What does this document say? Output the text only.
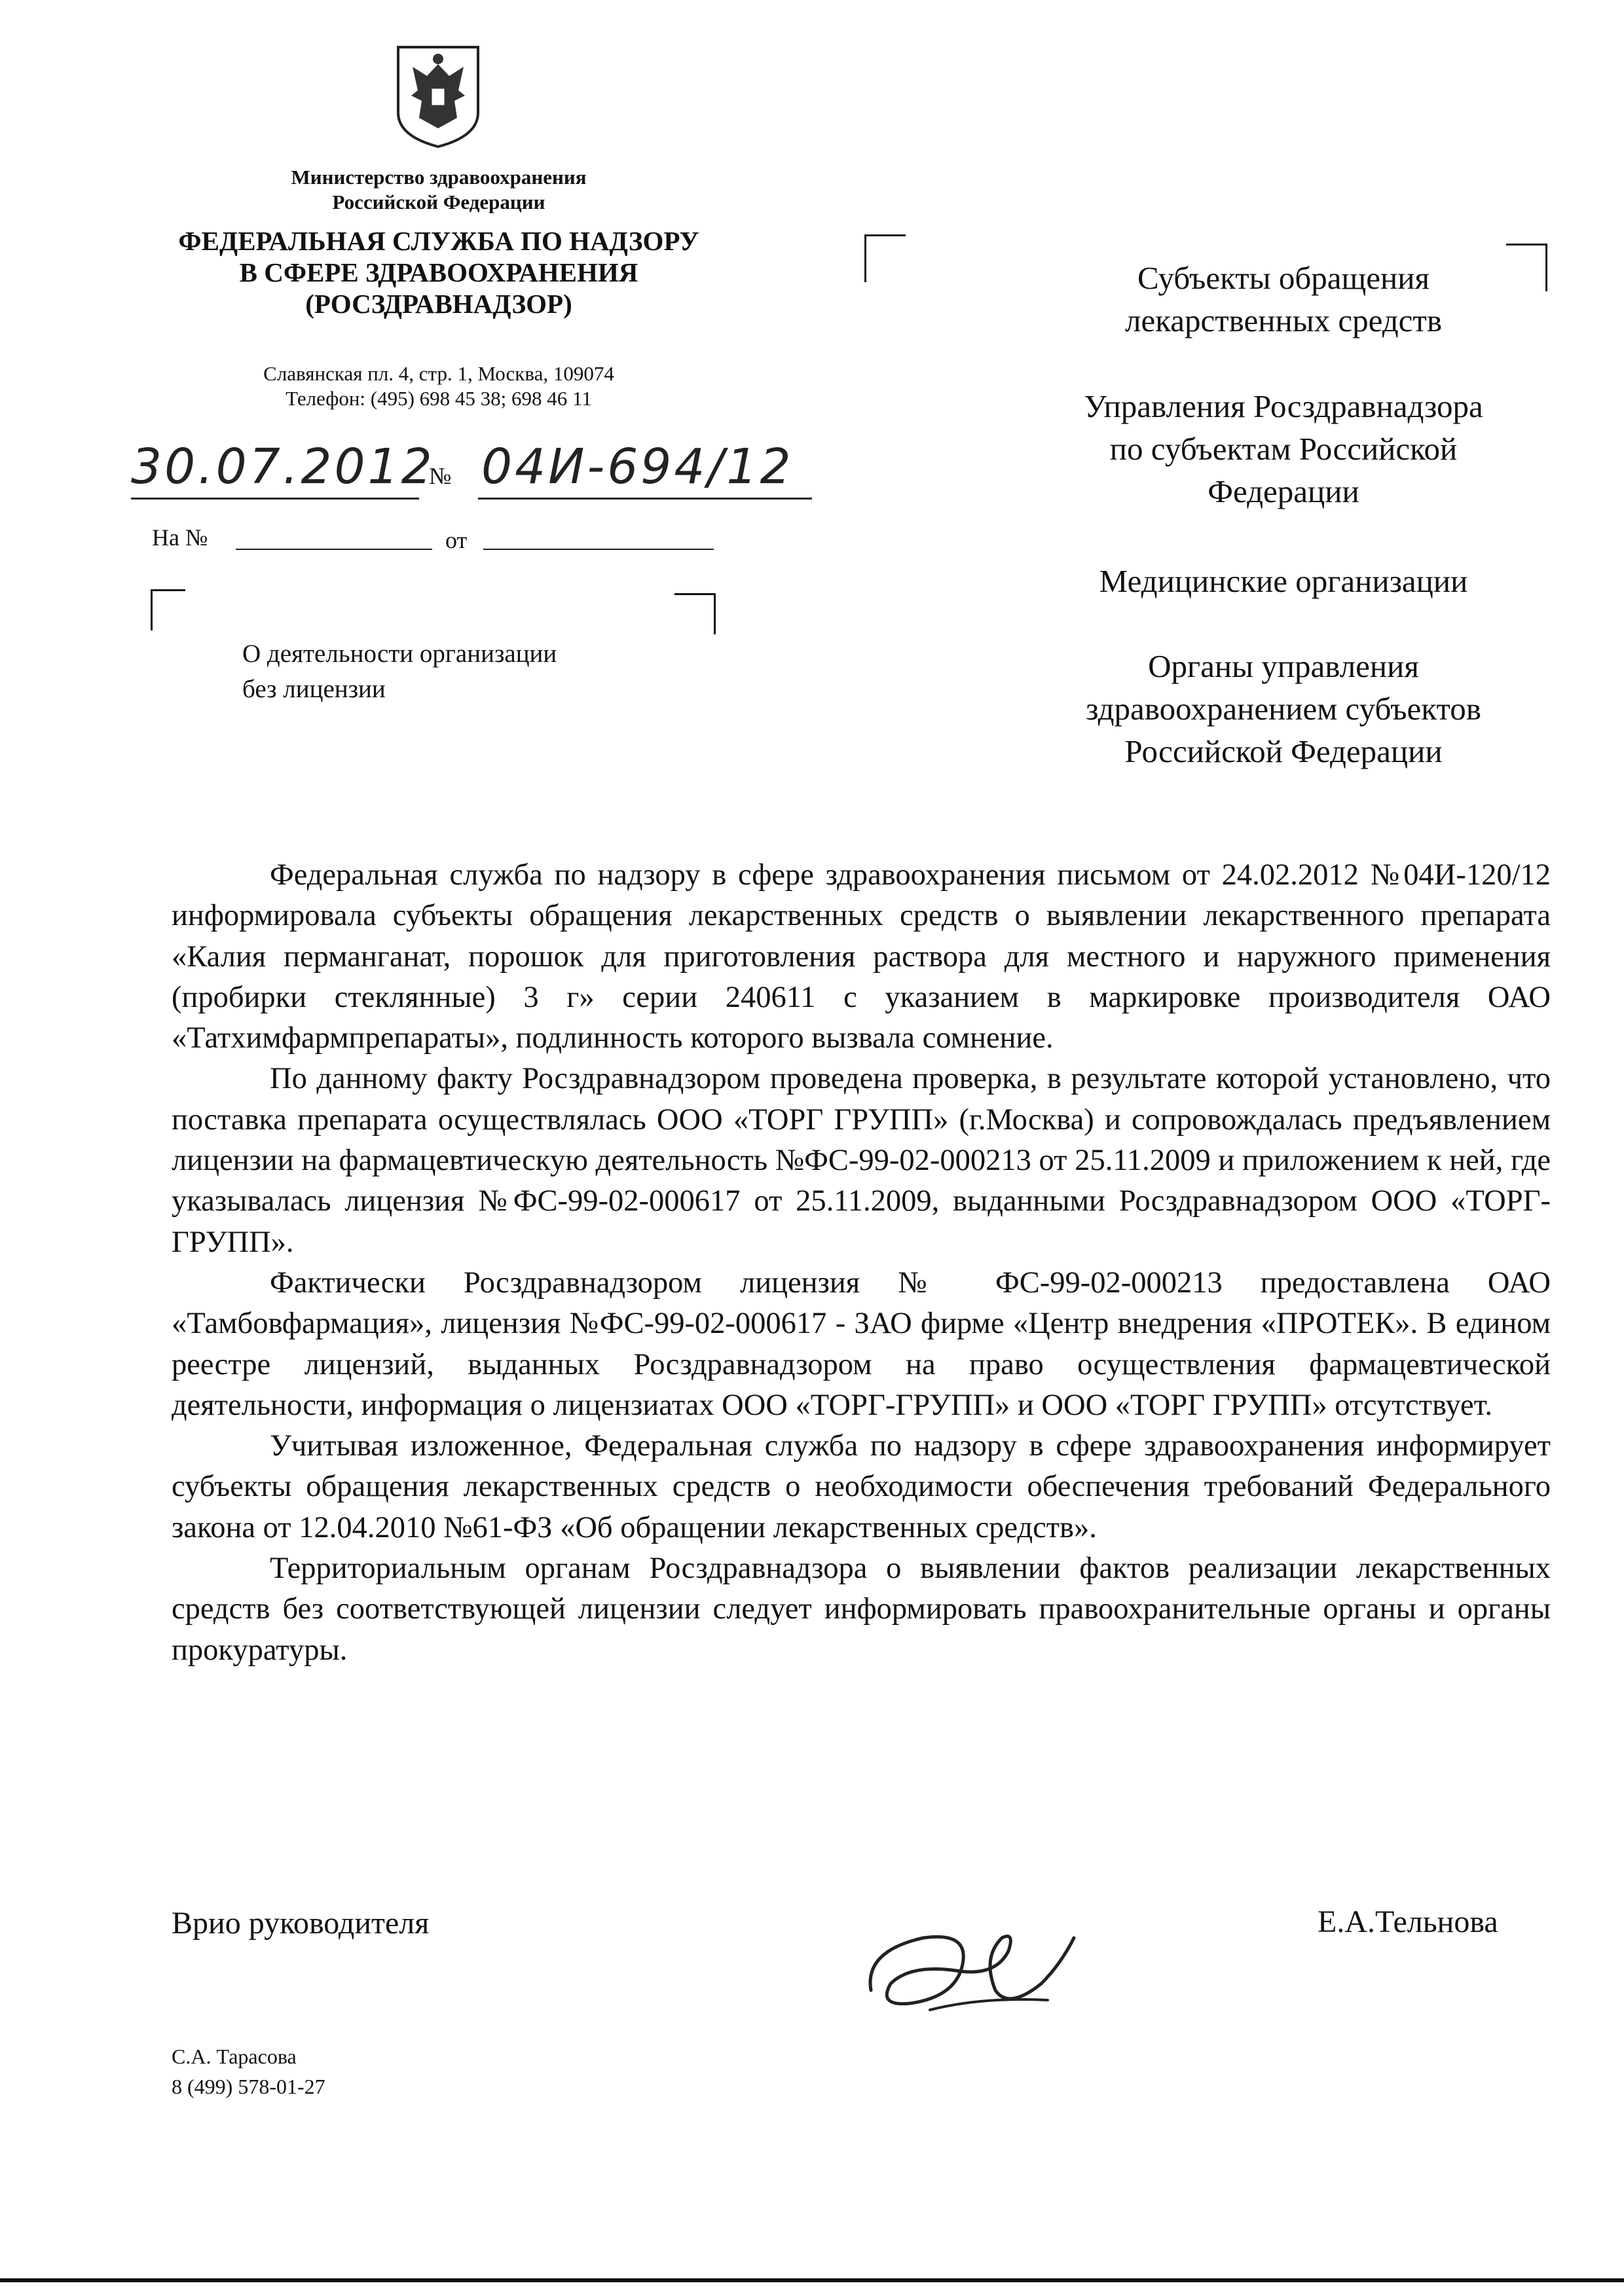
Министерство здравоохранения
Российской Федерации
ФЕДЕРАЛЬНАЯ СЛУЖБА ПО НАДЗОРУ
В СФЕРЕ ЗДРАВООХРАНЕНИЯ
(РОСЗДРАВНАДЗОР)
Славянская пл. 4, стр. 1, Москва, 109074
Телефон: (495) 698 45 38; 698 46 11
30.07.2012
№ 04И-694/12
На №	от
О деятельности организации
без лицензии
Субъекты обращения
лекарственных средств
Управления Росздравнадзора
по субъектам Российской
Федерации
Медицинские организации
Органы управления
здравоохранением субъектов
Российской Федерации

Федеральная служба по надзору в сфере здравоохранения письмом от 24.02.2012 №04И-120/12 информировала субъекты обращения лекарственных средств о выявлении лекарственного препарата «Калия перманганат, порошок для приготовления раствора для местного и наружного применения (пробирки стеклянные) 3 г» серии 240611 с указанием в маркировке производителя ОАО «Татхимфармпрепараты», подлинность которого вызвала сомнение.

По данному факту Росздравнадзором проведена проверка, в результате которой установлено, что поставка препарата осуществлялась ООО «ТОРГ ГРУПП» (г.Москва) и сопровождалась предъявлением лицензии на фармацевтическую деятельность №ФС-99-02-000213 от 25.11.2009 и приложением к ней, где указывалась лицензия №ФС-99-02-000617 от 25.11.2009, выданными Росздравнадзором ООО «ТОРГ-ГРУПП».

Фактически Росздравнадзором лицензия № ФС-99-02-000213 предоставлена ОАО «Тамбовфармация», лицензия №ФС-99-02-000617 - ЗАО фирме «Центр внедрения «ПРОТЕК». В едином реестре лицензий, выданных Росздравнадзором на право осуществления фармацевтической деятельности, информация о лицензиатах ООО «ТОРГ-ГРУПП» и ООО «ТОРГ ГРУПП» отсутствует.

Учитывая изложенное, Федеральная служба по надзору в сфере здравоохранения информирует субъекты обращения лекарственных средств о необходимости обеспечения требований Федерального закона от 12.04.2010 №61-ФЗ «Об обращении лекарственных средств».

Территориальным органам Росздравнадзора о выявлении фактов реализации лекарственных средств без соответствующей лицензии следует информировать правоохранительные органы и органы прокуратуры.

Врио руководителя	Е.А.Тельнова
С.А. Тарасова
8 (499) 578-01-27
